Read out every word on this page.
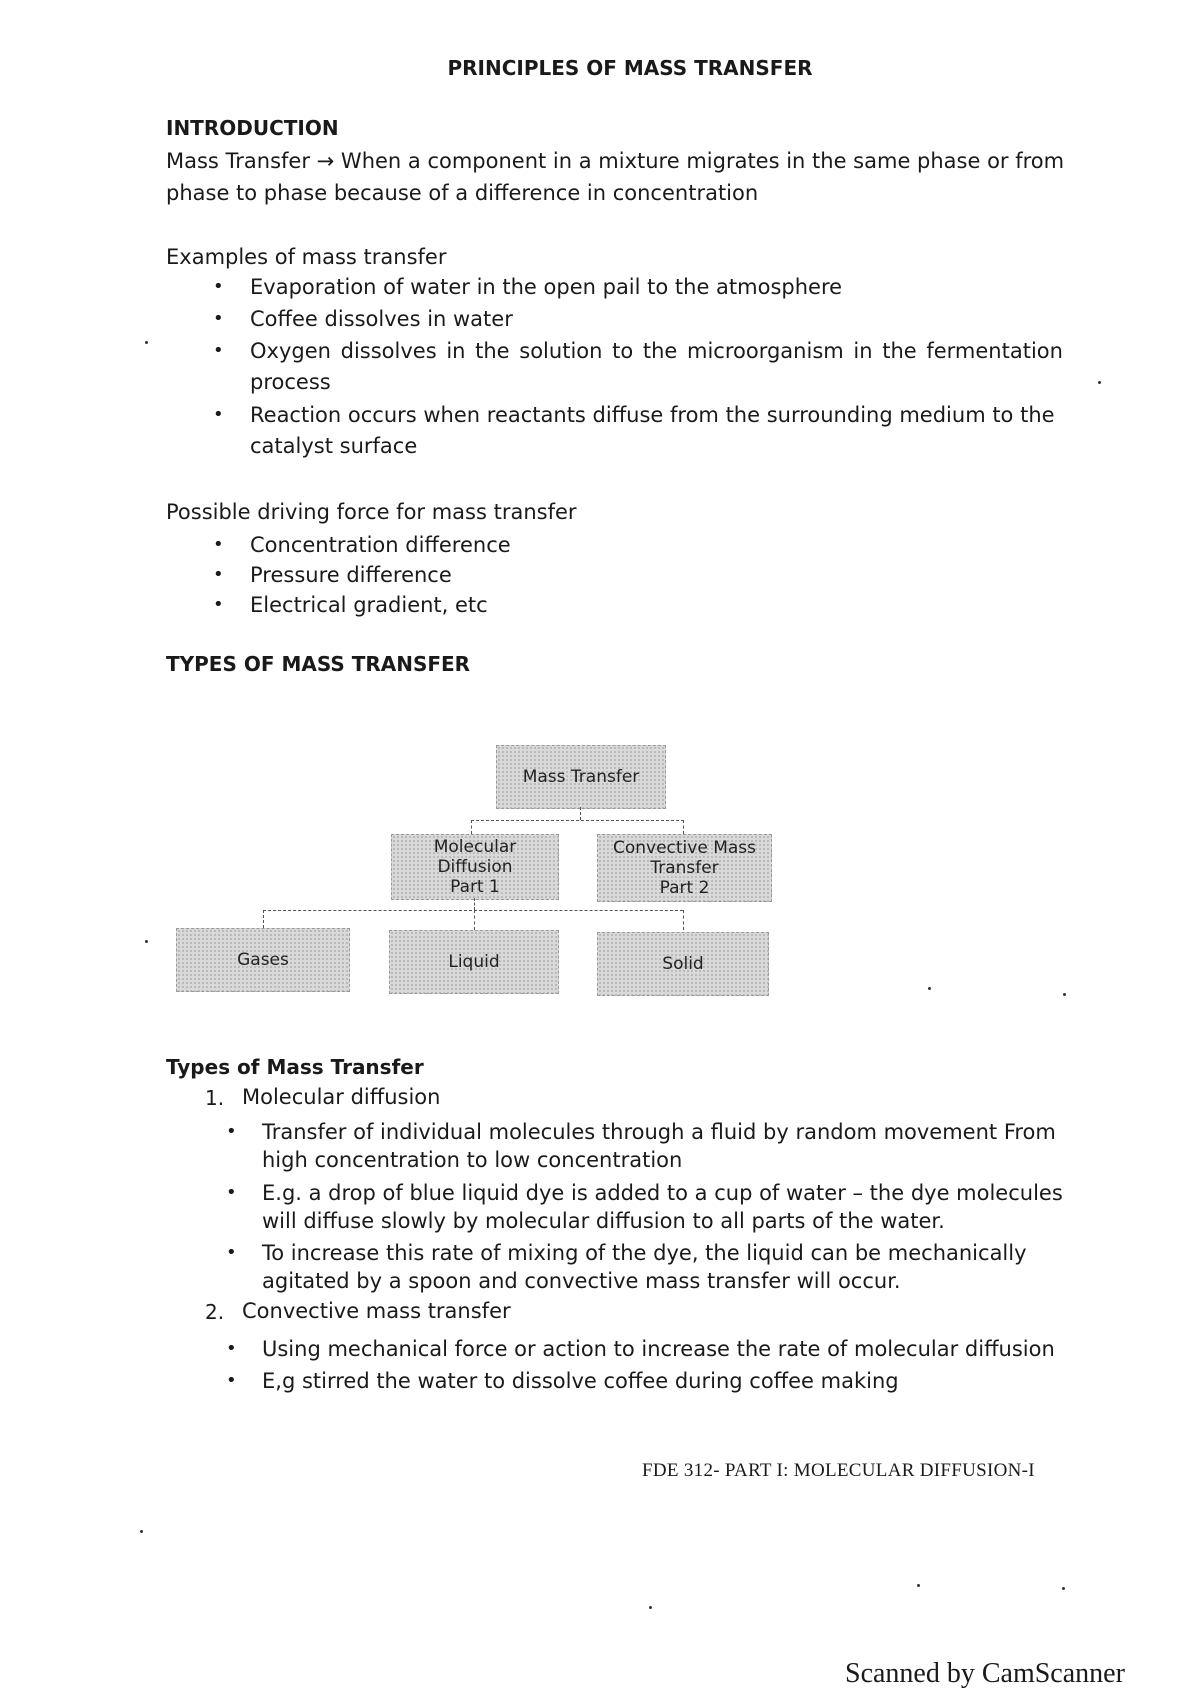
PRINCIPLES OF MASS TRANSFER
INTRODUCTION
Mass Transfer → When a component in a mixture migrates in the same phase or from
phase to phase because of a difference in concentration
Examples of mass transfer
• Evaporation of water in the open pail to the atmosphere
• Coffee dissolves in water
• Oxygen dissolves in the solution to the microorganism in the fermentation
process
• Reaction occurs when reactants diffuse from the surrounding medium to the
catalyst surface
Possible driving force for mass transfer
• Concentration difference
• Pressure difference
• Electrical gradient, etc
TYPES OF MASS TRANSFER
Mass Transfer
Molecular
Diffusion
Part 1
Convective Mass
Transfer
Part 2
Gases	Liquid	Solid
Types of Mass Transfer
1. Molecular diffusion
• Transfer of individual molecules through a fluid by random movement From
high concentration to low concentration
• E.g. a drop of blue liquid dye is added to a cup of water – the dye molecules
will diffuse slowly by molecular diffusion to all parts of the water.
• To increase this rate of mixing of the dye, the liquid can be mechanically
agitated by a spoon and convective mass transfer will occur.
2. Convective mass transfer
• Using mechanical force or action to increase the rate of molecular diffusion
• E,g stirred the water to dissolve coffee during coffee making
FDE 312- PART I: MOLECULAR DIFFUSION-I
Scanned by CamScanner
